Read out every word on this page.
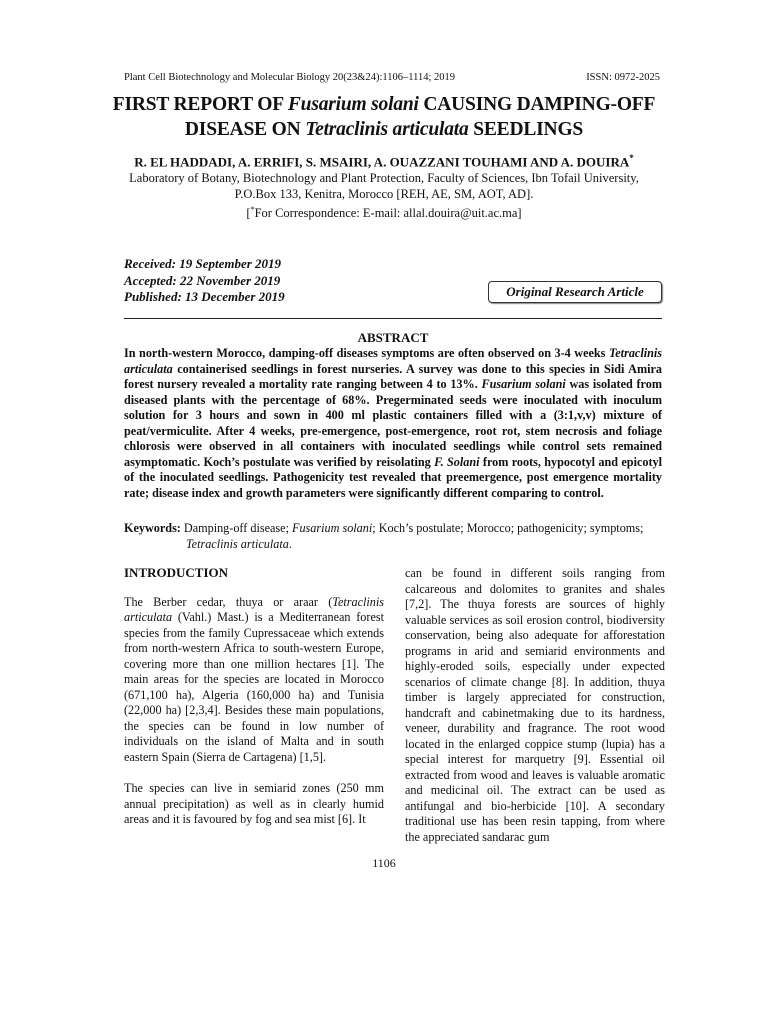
Plant Cell Biotechnology and Molecular Biology 20(23&24):1106–1114; 2019	ISSN: 0972-2025
FIRST REPORT OF Fusarium solani CAUSING DAMPING-OFF DISEASE ON Tetraclinis articulata SEEDLINGS
R. EL HADDADI, A. ERRIFI, S. MSAIRI, A. OUAZZANI TOUHAMI AND A. DOUIRA*
Laboratory of Botany, Biotechnology and Plant Protection, Faculty of Sciences, Ibn Tofail University,
P.O.Box 133, Kenitra, Morocco [REH, AE, SM, AOT, AD].
[*For Correspondence: E-mail: allal.douira@uit.ac.ma]
Received: 19 September 2019
Accepted: 22 November 2019
Published: 13 December 2019	Original Research Article
ABSTRACT
In north-western Morocco, damping-off diseases symptoms are often observed on 3-4 weeks Tetraclinis articulata containerised seedlings in forest nurseries. A survey was done to this species in Sidi Amira forest nursery revealed a mortality rate ranging between 4 to 13%. Fusarium solani was isolated from diseased plants with the percentage of 68%. Pregerminated seeds were inoculated with inoculum solution for 3 hours and sown in 400 ml plastic containers filled with a (3:1,v,v) mixture of peat/vermiculite. After 4 weeks, pre-emergence, post-emergence, root rot, stem necrosis and foliage chlorosis were observed in all containers with inoculated seedlings while control sets remained asymptomatic. Koch’s postulate was verified by reisolating F. Solani from roots, hypocotyl and epicotyl of the inoculated seedlings. Pathogenicity test revealed that preemergence, post emergence mortality rate; disease index and growth parameters were significantly different comparing to control.
Keywords: Damping-off disease; Fusarium solani; Koch’s postulate; Morocco; pathogenicity; symptoms;
Tetraclinis articulata.
INTRODUCTION

The Berber cedar, thuya or araar (Tetraclinis articulata (Vahl.) Mast.) is a Mediterranean forest species from the family Cupressaceae which extends from north-western Africa to south-western Europe, covering more than one million hectares [1]. The main areas for the species are located in Morocco (671,100 ha), Algeria (160,000 ha) and Tunisia (22,000 ha) [2,3,4]. Besides these main populations, the species can be found in low number of individuals on the island of Malta and in south eastern Spain (Sierra de Cartagena) [1,5].

The species can live in semiarid zones (250 mm annual precipitation) as well as in clearly humid areas and it is favoured by fog and sea mist [6]. It

can be found in different soils ranging from calcareous and dolomites to granites and shales [7,2]. The thuya forests are sources of highly valuable services as soil erosion control, biodiversity conservation, being also adequate for afforestation programs in arid and semiarid environments and highly-eroded soils, especially under expected scenarios of climate change [8]. In addition, thuya timber is largely appreciated for construction, handcraft and cabinetmaking due to its hardness, veneer, durability and fragrance. The root wood located in the enlarged coppice stump (lupia) has a special interest for marquetry [9]. Essential oil extracted from wood and leaves is valuable aromatic and medicinal oil. The extract can be used as antifungal and bio-herbicide [10]. A secondary traditional use has been resin tapping, from where the appreciated sandarac gum

1106
